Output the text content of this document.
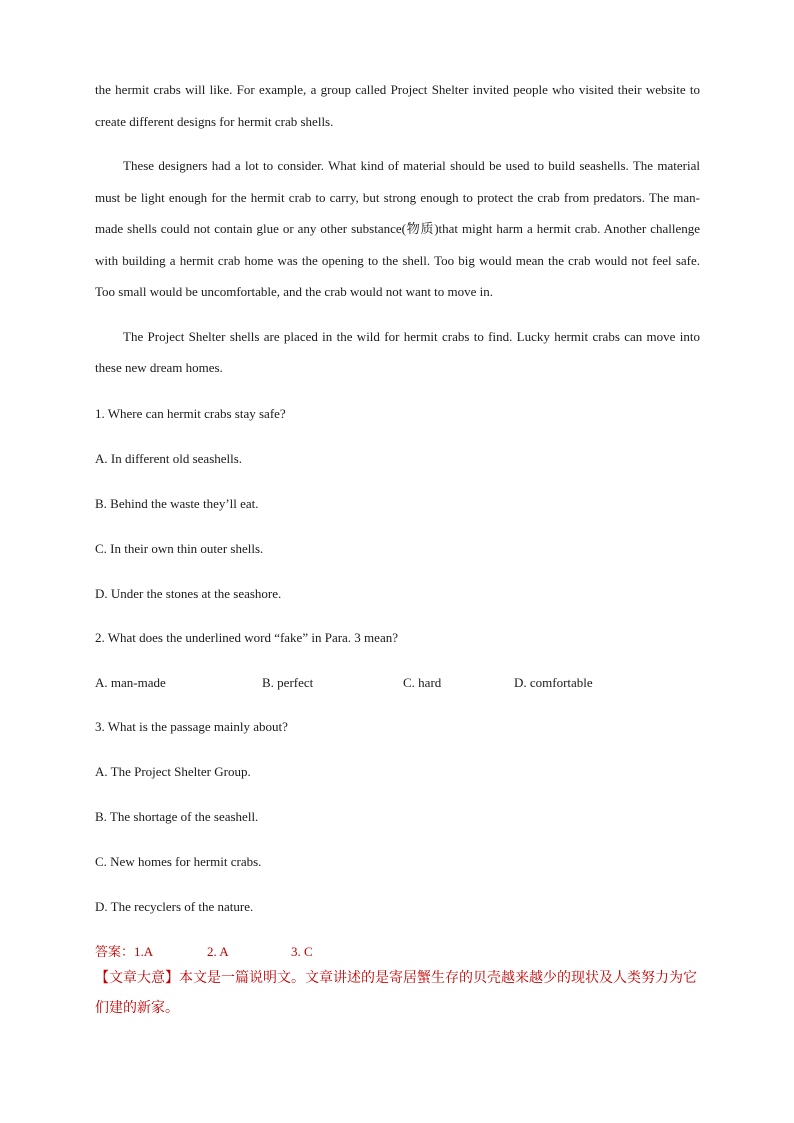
the hermit crabs will like. For example, a group called Project Shelter invited people who visited their website to create different designs for hermit crab shells.

These designers had a lot to consider. What kind of material should be used to build seashells. The material must be light enough for the hermit crab to carry, but strong enough to protect the crab from predators. The man-made shells could not contain glue or any other substance(物质)that might harm a hermit crab. Another challenge with building a hermit crab home was the opening to the shell. Too big would mean the crab would not feel safe. Too small would be uncomfortable, and the crab would not want to move in.

The Project Shelter shells are placed in the wild for hermit crabs to find. Lucky hermit crabs can move into these new dream homes.

1. Where can hermit crabs stay safe?

A. In different old seashells.

B. Behind the waste they’ll eat.

C. In their own thin outer shells.

D. Under the stones at the seashore.

2. What does the underlined word “fake” in Para. 3 mean?

A. man-made	B. perfect	C. hard	D. comfortable

3. What is the passage mainly about?

A. The Project Shelter Group.

B. The shortage of the seashell.

C. New homes for hermit crabs.

D. The recyclers of the nature.

答案：1.A	2. A	3. C

【文章大意】本文是一篇说明文。文章讲述的是寄居蟹生存的贝壳越来越少的现状及人类努力为它们建的新家。
